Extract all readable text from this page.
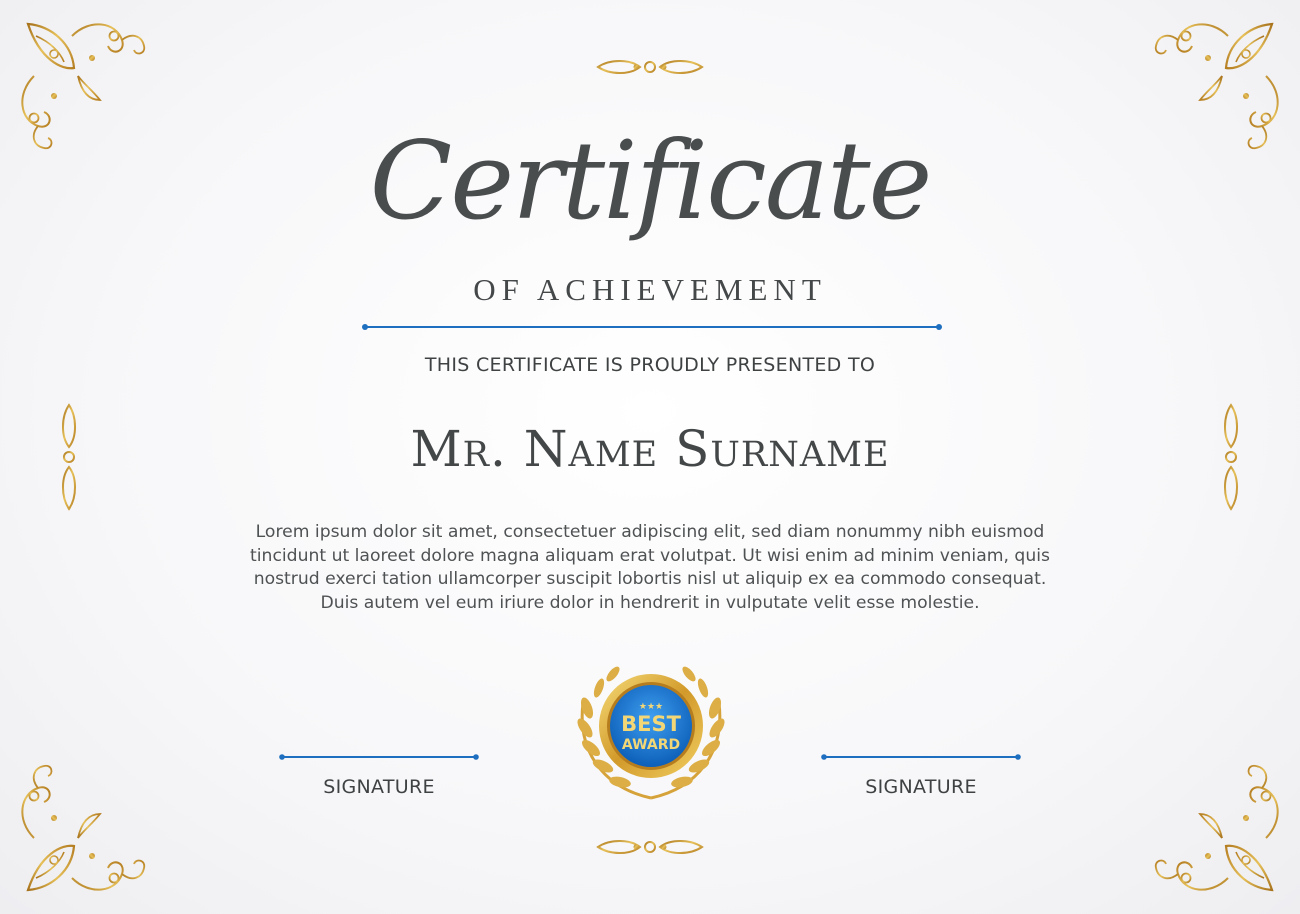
Certificate
OF ACHIEVEMENT
THIS CERTIFICATE IS PROUDLY PRESENTED TO
Mr. Name Surname
Lorem ipsum dolor sit amet, consectetuer adipiscing elit, sed diam nonummy nibh euismod tincidunt ut laoreet dolore magna aliquam erat volutpat. Ut wisi enim ad minim veniam, quis nostrud exerci tation ullamcorper suscipit lobortis nisl ut aliquip ex ea commodo consequat. Duis autem vel eum iriure dolor in hendrerit in vulputate velit esse molestie.
SIGNATURE	SIGNATURE
★★★
BEST
AWARD
